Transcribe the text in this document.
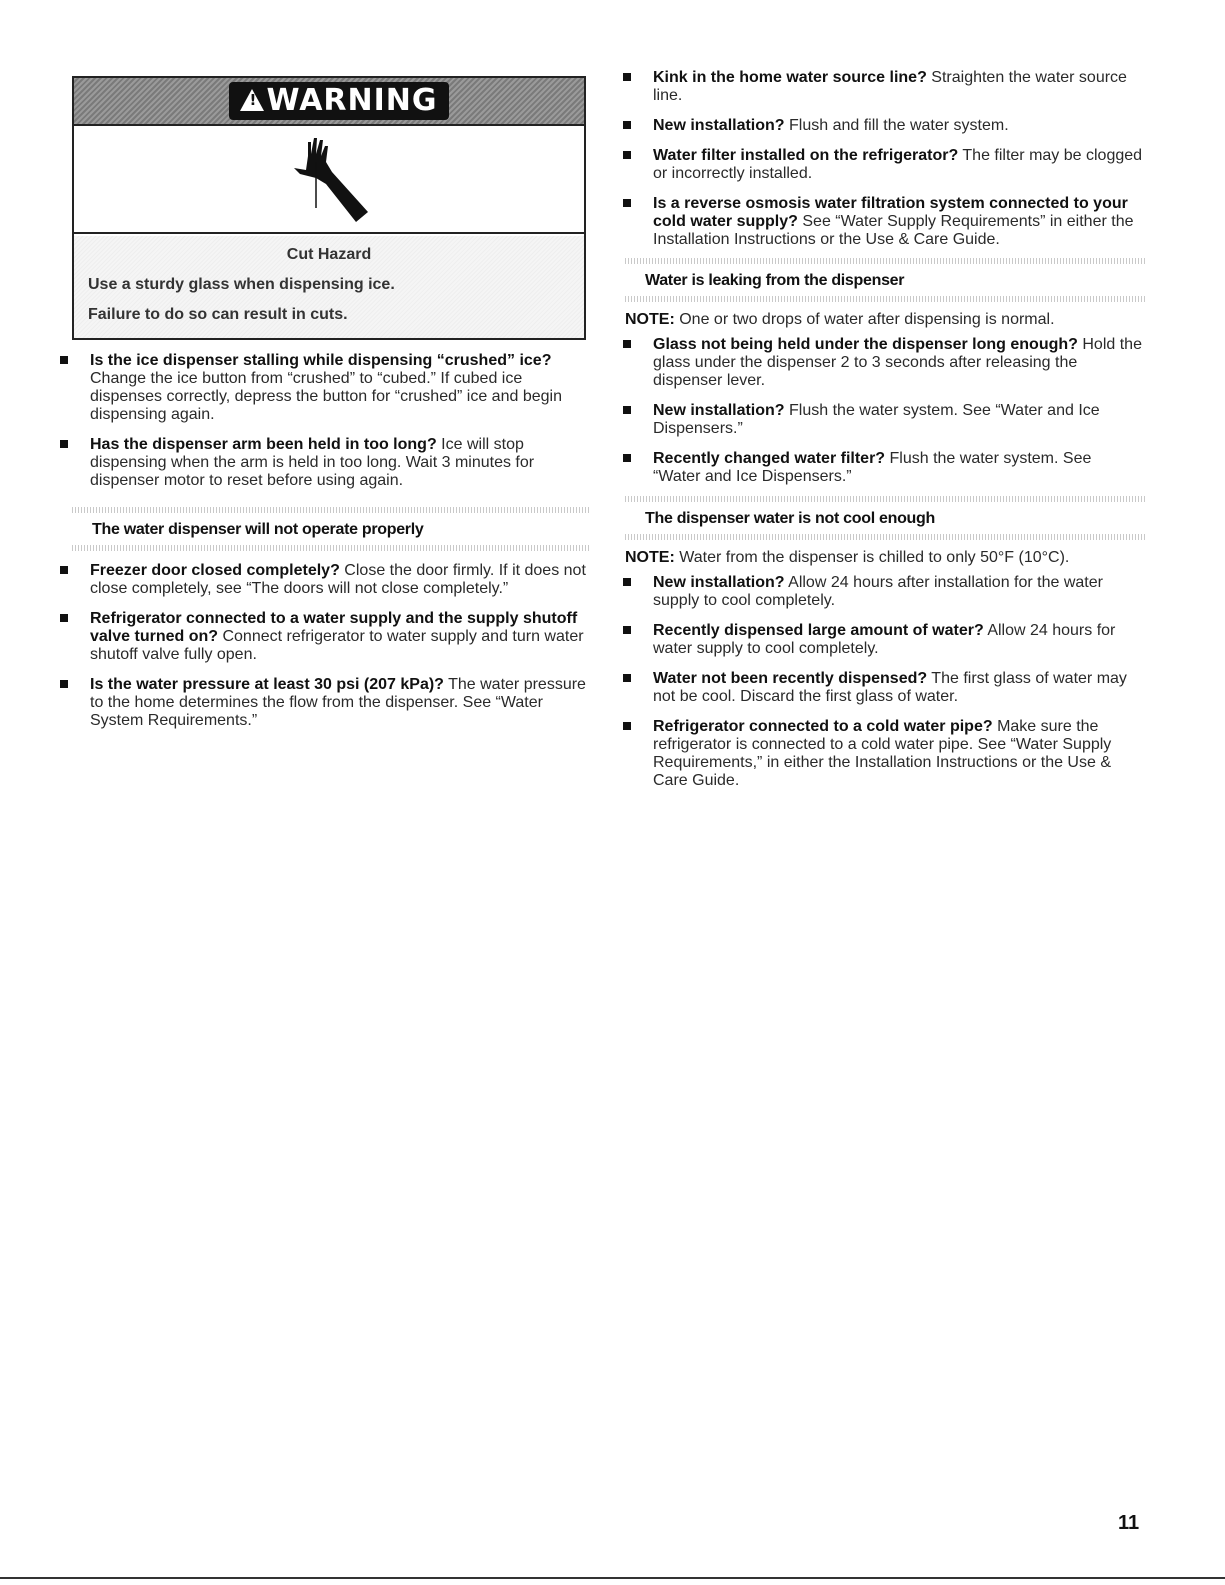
!WARNING
Cut Hazard
Use a sturdy glass when dispensing ice.
Failure to do so can result in cuts.
Is the ice dispenser stalling while dispensing “crushed” ice? Change the ice button from “crushed” to “cubed.” If cubed ice dispenses correctly, depress the button for “crushed” ice and begin dispensing again.
Has the dispenser arm been held in too long? Ice will stop dispensing when the arm is held in too long. Wait 3 minutes for dispenser motor to reset before using again.
The water dispenser will not operate properly
Freezer door closed completely? Close the door firmly. If it does not close completely, see “The doors will not close completely.”
Refrigerator connected to a water supply and the supply shutoff valve turned on? Connect refrigerator to water supply and turn water shutoff valve fully open.
Is the water pressure at least 30 psi (207 kPa)? The water pressure to the home determines the flow from the dispenser. See “Water System Requirements.”
Kink in the home water source line? Straighten the water source line.
New installation? Flush and fill the water system.
Water filter installed on the refrigerator? The filter may be clogged or incorrectly installed.
Is a reverse osmosis water filtration system connected to your cold water supply? See “Water Supply Requirements” in either the Installation Instructions or the Use & Care Guide.
Water is leaking from the dispenser
NOTE: One or two drops of water after dispensing is normal.
Glass not being held under the dispenser long enough? Hold the glass under the dispenser 2 to 3 seconds after releasing the dispenser lever.
New installation? Flush the water system. See “Water and Ice Dispensers.”
Recently changed water filter? Flush the water system. See “Water and Ice Dispensers.”
The dispenser water is not cool enough
NOTE: Water from the dispenser is chilled to only 50°F (10°C).
New installation? Allow 24 hours after installation for the water supply to cool completely.
Recently dispensed large amount of water? Allow 24 hours for water supply to cool completely.
Water not been recently dispensed? The first glass of water may not be cool. Discard the first glass of water.
Refrigerator connected to a cold water pipe? Make sure the refrigerator is connected to a cold water pipe. See “Water Supply Requirements,” in either the Installation Instructions or the Use & Care Guide.
11
